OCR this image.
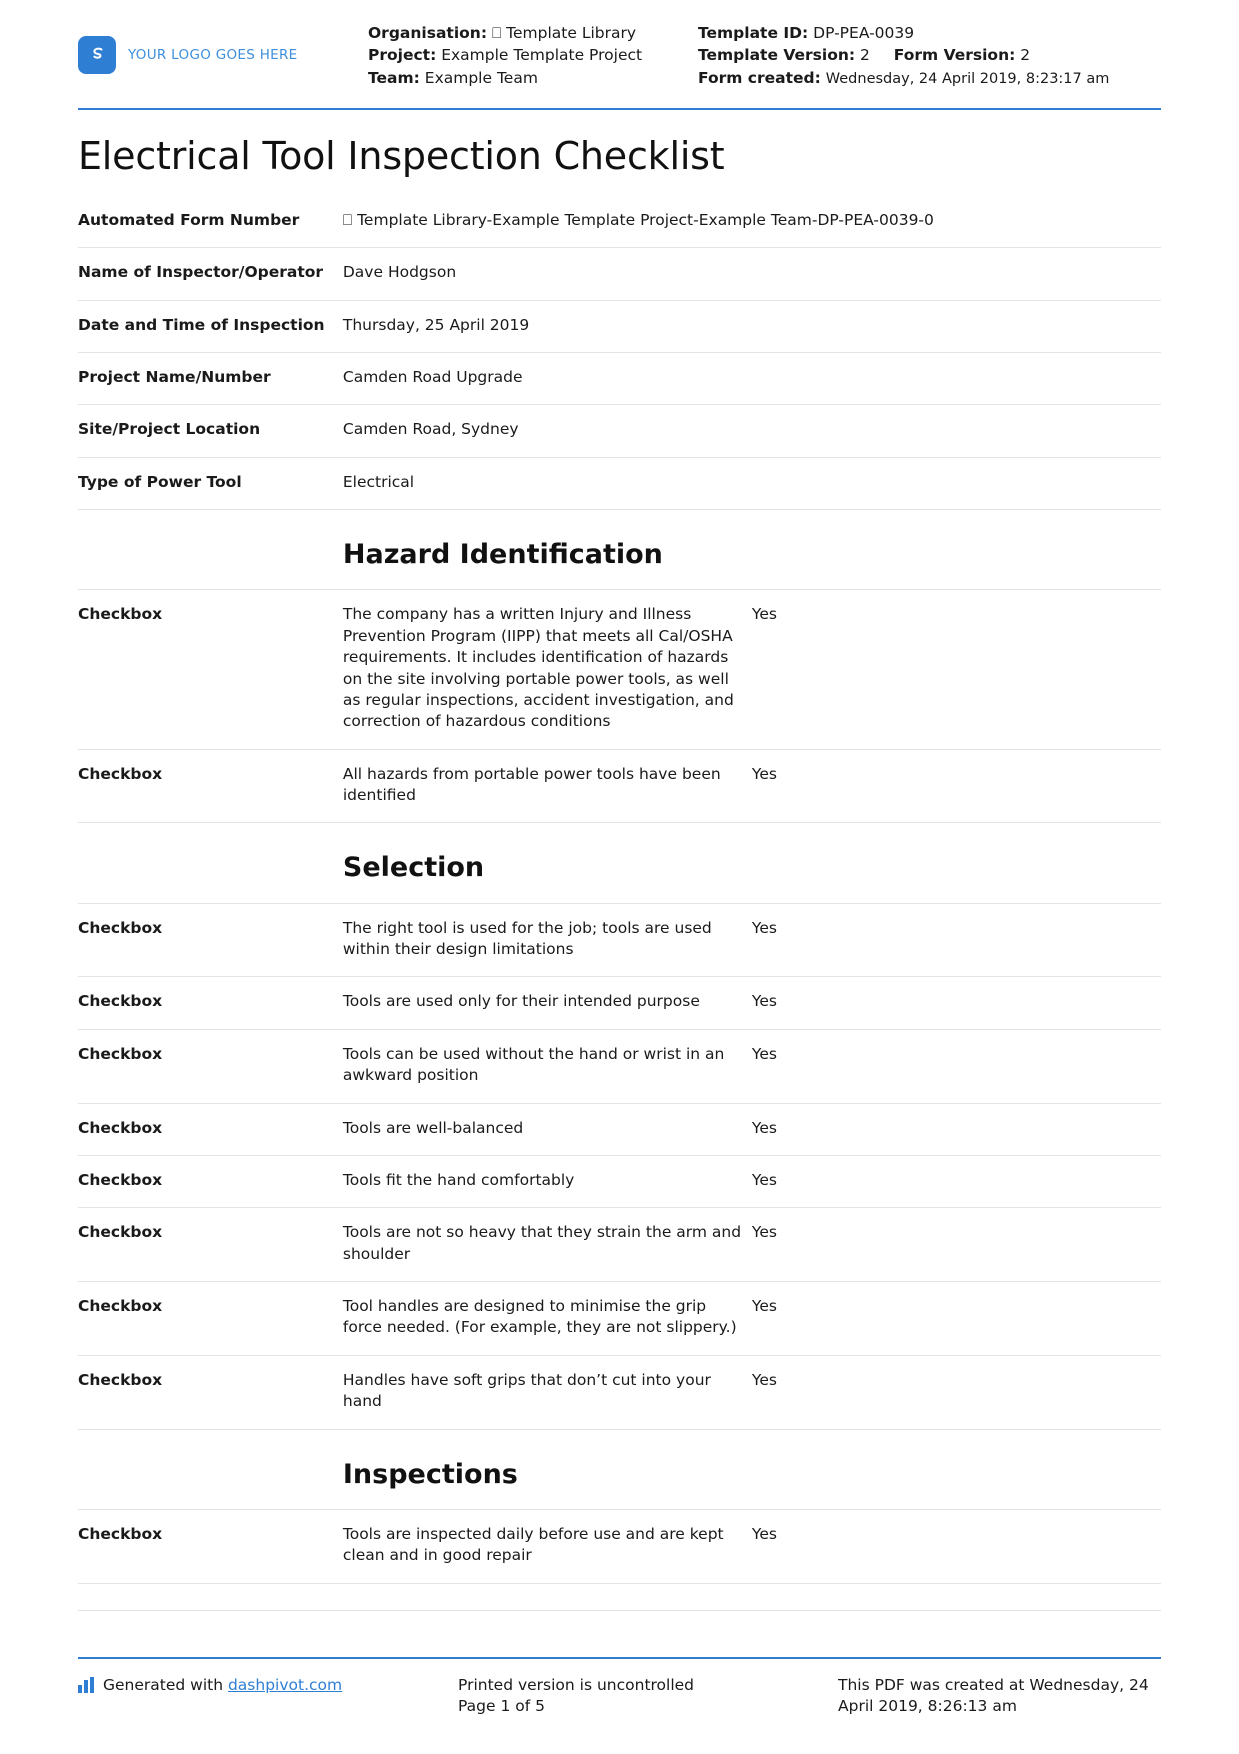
YOUR LOGO GOES HERE
Organisation: ⎕ Template Library
Project: Example Template Project
Team: Example Team
Template ID: DP-PEA-0039
Template Version: 2 Form Version: 2
Form created: Wednesday, 24 April 2019, 8:23:17 am
Electrical Tool Inspection Checklist
Automated Form Number	⎕ Template Library-Example Template Project-Example Team-DP-PEA-0039-0	
Name of Inspector/Operator	Dave Hodgson	
Date and Time of Inspection	Thursday, 25 April 2019	
Project Name/Number	Camden Road Upgrade	
Site/Project Location	Camden Road, Sydney	
Type of Power Tool	Electrical	
	Hazard Identification	
Checkbox	The company has a written Injury and Illness Prevention Program (IIPP) that meets all Cal/OSHA requirements. It includes identification of hazards on the site involving portable power tools, as well as regular inspections, accident investigation, and correction of hazardous conditions	Yes
Checkbox	All hazards from portable power tools have been identified	Yes
	Selection	
Checkbox	The right tool is used for the job; tools are used within their design limitations	Yes
Checkbox	Tools are used only for their intended purpose	Yes
Checkbox	Tools can be used without the hand or wrist in an awkward position	Yes
Checkbox	Tools are well-balanced	Yes
Checkbox	Tools fit the hand comfortably	Yes
Checkbox	Tools are not so heavy that they strain the arm and shoulder	Yes
Checkbox	Tool handles are designed to minimise the grip force needed. (For example, they are not slippery.)	Yes
Checkbox	Handles have soft grips that don’t cut into your hand	Yes
	Inspections	
Checkbox	Tools are inspected daily before use and are kept clean and in good repair	Yes

Generated with dashpivot.com	Printed version is uncontrolled
Page 1 of 5
This PDF was created at Wednesday, 24 April 2019, 8:26:13 am
